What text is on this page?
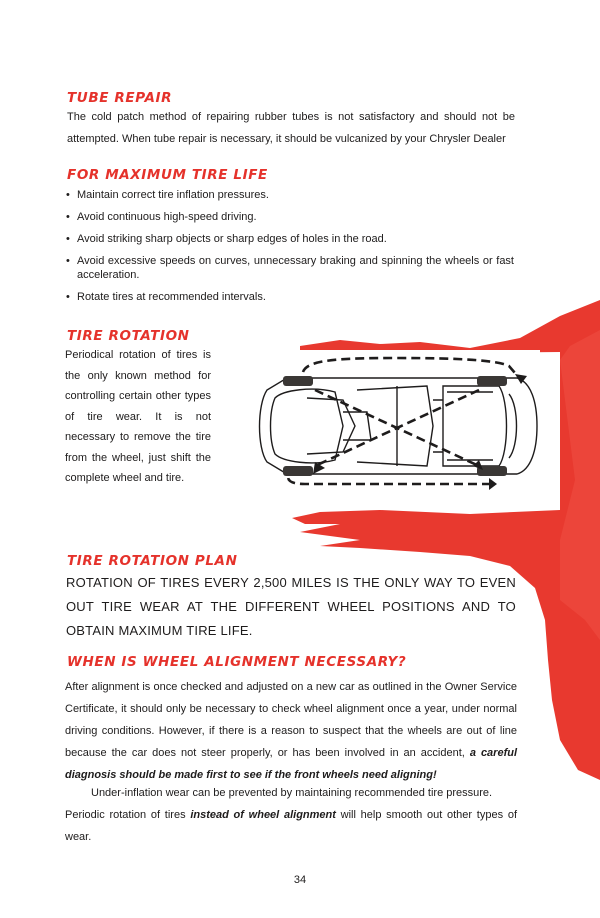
TUBE REPAIR

The cold patch method of repairing rubber tubes is not satisfactory and should not be attempted. When tube repair is necessary, it should be vulcanized by your Chrysler Dealer

FOR MAXIMUM TIRE LIFE
• Maintain correct tire inflation pressures.
• Avoid continuous high-speed driving.
• Avoid striking sharp objects or sharp edges of holes in the road.
• Avoid excessive speeds on curves, unnecessary braking and spinning the wheels or fast acceleration.
• Rotate tires at recommended intervals.
TIRE ROTATION

Periodical rotation of tires is the only known method for controlling certain other types of tire wear. It is not necessary to remove the tire from the wheel, just shift the complete wheel and tire.

TIRE ROTATION PLAN

ROTATION OF TIRES EVERY 2,500 MILES IS THE ONLY WAY TO EVEN OUT TIRE WEAR AT THE DIFFERENT WHEEL POSITIONS AND TO OBTAIN MAXIMUM TIRE LIFE.

WHEN IS WHEEL ALIGNMENT NECESSARY?

After alignment is once checked and adjusted on a new car as outlined in the Owner Service Certificate, it should only be necessary to check wheel alignment once a year, under normal driving conditions. However, if there is a reason to suspect that the wheels are out of line because the car does not steer properly, or has been involved in an accident, a careful diagnosis should be made first to see if the front wheels need aligning!

Under-inflation wear can be prevented by maintaining recommended tire pressure.

Periodic rotation of tires instead of wheel alignment will help smooth out other types of wear.

34
